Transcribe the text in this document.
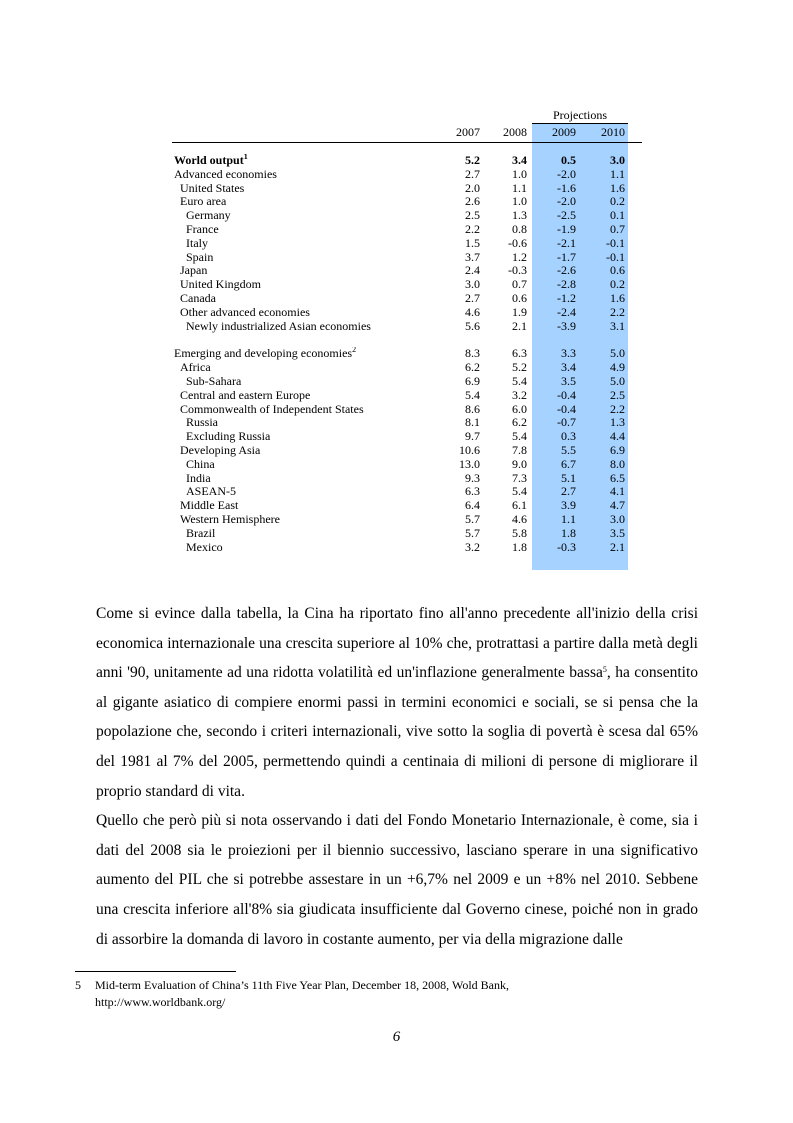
Projections
2007	2008	2009	2010
World output$^1$	5.2	3.4	0.5	3.0
Advanced economies	2.7	1.0	-2.0	1.1
United States	2.0	1.1	-1.6	1.6
Euro area	2.6	1.0	-2.0	0.2
Germany	2.5	1.3	-2.5	0.1
France	2.2	0.8	-1.9	0.7
Italy	1.5	-0.6	-2.1	-0.1
Spain	3.7	1.2	-1.7	-0.1
Japan	2.4	-0.3	-2.6	0.6
United Kingdom	3.0	0.7	-2.8	0.2
Canada	2.7	0.6	-1.2	1.6
Other advanced economies	4.6	1.9	-2.4	2.2
Newly industrialized Asian economies	5.6	2.1	-3.9	3.1
Emerging and developing economies$^2$	8.3	6.3	3.3	5.0
Africa	6.2	5.2	3.4	4.9
Sub-Sahara	6.9	5.4	3.5	5.0
Central and eastern Europe	5.4	3.2	-0.4	2.5
Commonwealth of Independent States	8.6	6.0	-0.4	2.2
Russia	8.1	6.2	-0.7	1.3
Excluding Russia	9.7	5.4	0.3	4.4
Developing Asia	10.6	7.8	5.5	6.9
China	13.0	9.0	6.7	8.0
India	9.3	7.3	5.1	6.5
ASEAN-5	6.3	5.4	2.7	4.1
Middle East	6.4	6.1	3.9	4.7
Western Hemisphere	5.7	4.6	1.1	3.0
Brazil	5.7	5.8	1.8	3.5
Mexico	3.2	1.8	-0.3	2.1

Come si evince dalla tabella, la Cina ha riportato fino all'anno precedente all'inizio della crisi economica internazionale una crescita superiore al 10% che, protrattasi a partire dalla metà degli anni '90, unitamente ad una ridotta volatilità ed un'inflazione generalmente bassa$^5$, ha consentito al gigante asiatico di compiere enormi passi in termini economici e sociali, se si pensa che la popolazione che, secondo i criteri internazionali, vive sotto la soglia di povertà è scesa dal 65% del 1981 al 7% del 2005, permettendo quindi a centinaia di milioni di persone di migliorare il proprio standard di vita.

Quello che però più si nota osservando i dati del Fondo Monetario Internazionale, è come, sia i dati del 2008 sia le proiezioni per il biennio successivo, lasciano sperare in una significativo aumento del PIL che si potrebbe assestare in un +6,7% nel 2009 e un +8% nel 2010. Sebbene una crescita inferiore all'8% sia giudicata insufficiente dal Governo cinese, poiché non in grado di assorbire la domanda di lavoro in costante aumento, per via della migrazione dalle

5	Mid-term Evaluation of China’s 11th Five Year Plan, December 18, 2008, Wold Bank,
http://www.worldbank.org/
6
